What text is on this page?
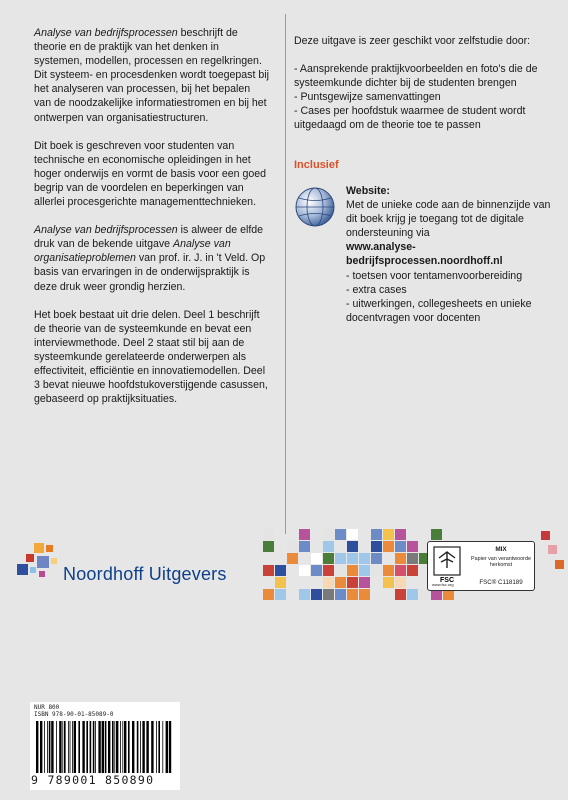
Analyse van bedrijfsprocessen beschrijft de theorie en de praktijk van het denken in systemen, modellen, processen en regelkringen. Dit systeem- en procesdenken wordt toegepast bij het analyseren van processen, bij het bepalen van de noodzakelijke informatiestromen en bij het ontwerpen van organisatiestructuren.

Dit boek is geschreven voor studenten van technische en economische opleidingen in het hoger onderwijs en vormt de basis voor een goed begrip van de voordelen en beperkingen van allerlei procesgerichte managementtechnieken.

Analyse van bedrijfsprocessen is alweer de elfde druk van de bekende uitgave Analyse van organisatieproblemen van prof. ir. J. in 't Veld. Op basis van ervaringen in de onderwijspraktijk is deze druk weer grondig herzien.

Het boek bestaat uit drie delen. Deel 1 beschrijft de theorie van de systeemkunde en bevat een interviewmethode. Deel 2 staat stil bij aan de systeemkunde gerelateerde onderwerpen als effectiviteit, efficiëntie en innovatiemodellen. Deel 3 bevat nieuwe hoofdstukoverstijgende casussen, gebaseerd op praktijksituaties.

Deze uitgave is zeer geschikt voor zelfstudie door:

- Aansprekende praktijkvoorbeelden en foto's die de systeemkunde dichter bij de studenten brengen
- Puntsgewijze samenvattingen
- Cases per hoofdstuk waarmee de student wordt uitgedaagd om de theorie toe te passen
Inclusief
Website:
Met de unieke code aan de binnenzijde van dit boek krijg je toegang tot de digitale ondersteuning via
www.analyse-bedrijfsprocessen.noordhoff.nl
- toetsen voor tentamenvoorbereiding
- extra cases
- uitwerkingen, collegesheets en unieke docentvragen voor docenten
Noordhoff Uitgevers	FSC
MIX
Papier van verantwoorde herkomst
FSC® C118189
www.fsc.org
NUR 800
ISBN 978-90-01-85089-0
9 789001 850890
